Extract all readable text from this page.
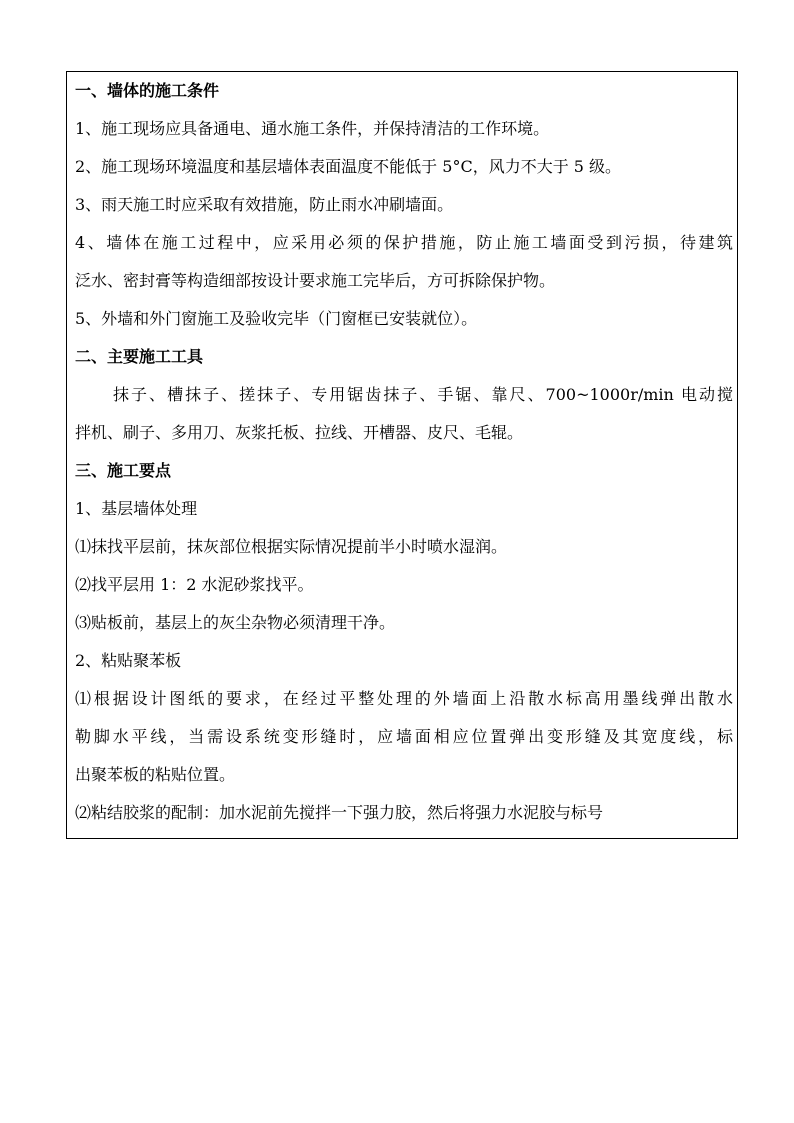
一、墙体的施工条件
1、施工现场应具备通电、通水施工条件，并保持清洁的工作环境。
2、施工现场环境温度和基层墙体表面温度不能低于 5°C，风力不大于 5 级。
3、雨天施工时应采取有效措施，防止雨水冲刷墙面。
4、墙体在施工过程中，应采用必须的保护措施，防止施工墙面受到污损，待建筑
泛水、密封膏等构造细部按设计要求施工完毕后，方可拆除保护物。
5、外墙和外门窗施工及验收完毕（门窗框已安装就位）。
二、主要施工工具
抹子、槽抹子、搓抹子、专用锯齿抹子、手锯、靠尺、700~1000r/min 电动搅
拌机、刷子、多用刀、灰浆托板、拉线、开槽器、皮尺、毛辊。
三、施工要点
1、基层墙体处理
⑴抹找平层前，抹灰部位根据实际情况提前半小时喷水湿润。
⑵找平层用 1：2 水泥砂浆找平。
⑶贴板前，基层上的灰尘杂物必须清理干净。
2、粘贴聚苯板
⑴根据设计图纸的要求，在经过平整处理的外墙面上沿散水标高用墨线弹出散水
勒脚水平线，当需设系统变形缝时，应墙面相应位置弹出变形缝及其宽度线，标
出聚苯板的粘贴位置。
⑵粘结胶浆的配制：加水泥前先搅拌一下强力胶，然后将强力水泥胶与标号
